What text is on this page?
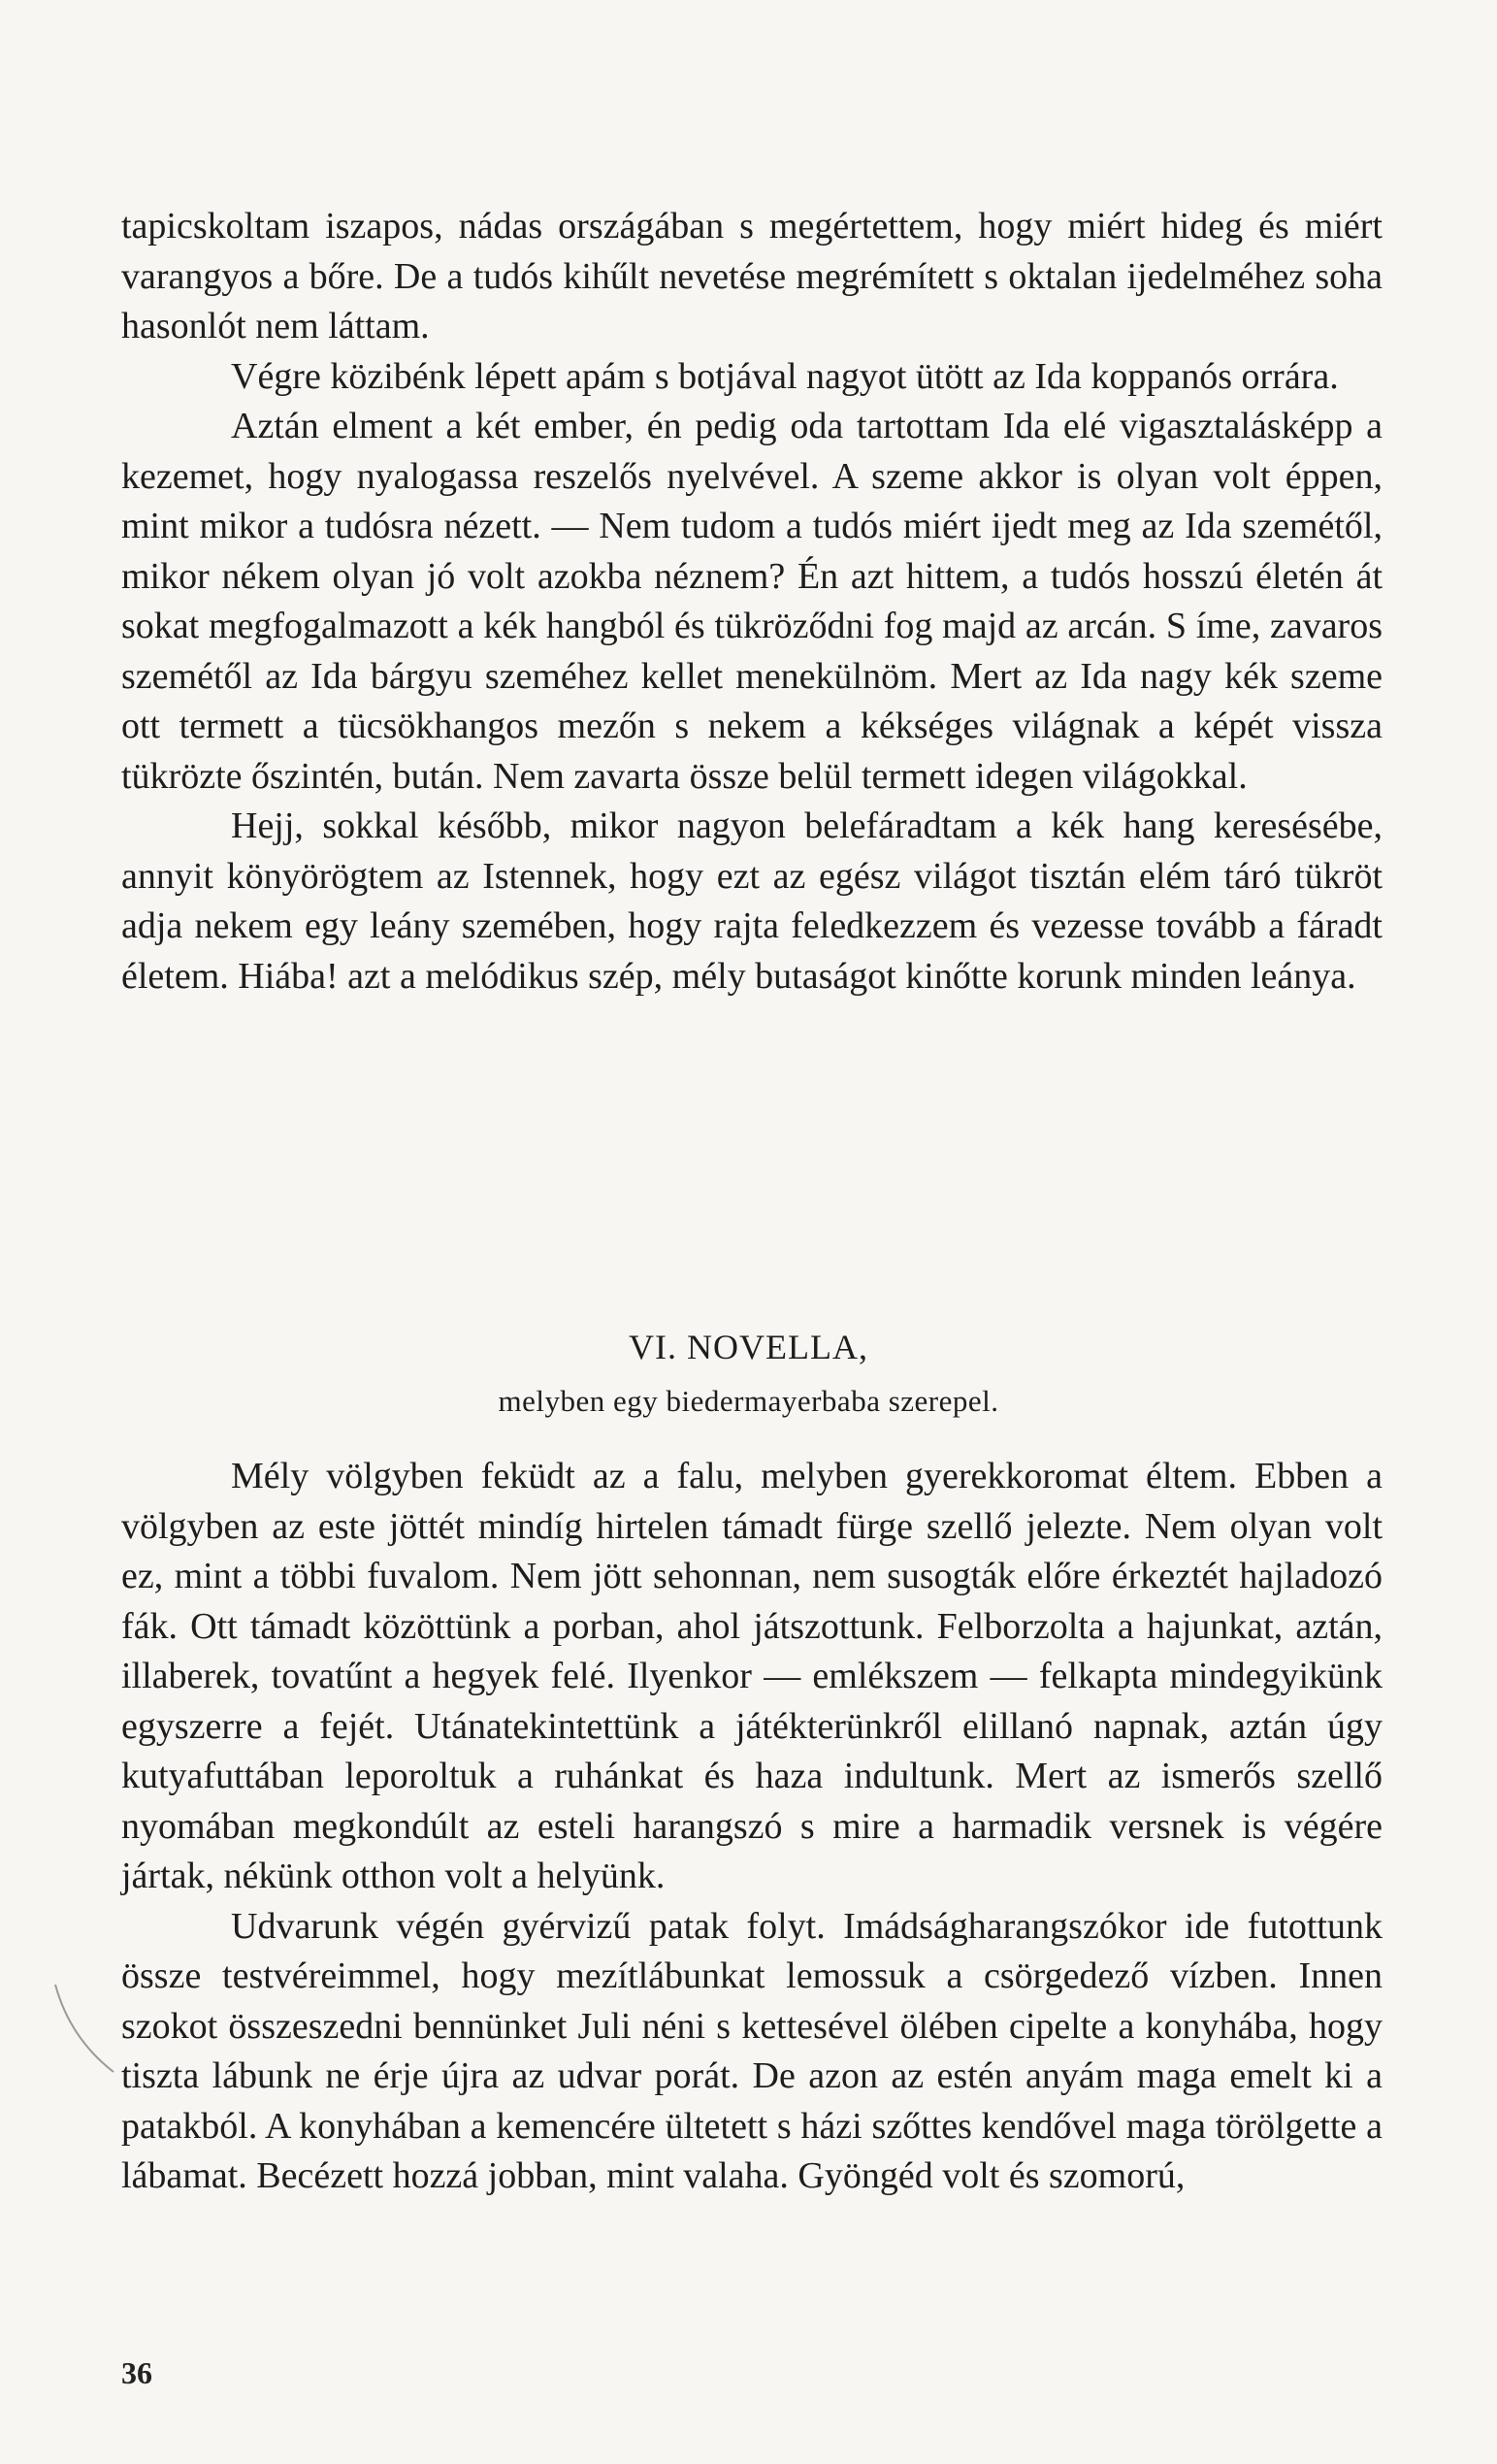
tapicskoltam iszapos, nádas országában s megértettem, hogy miért hideg és miért varangyos a bőre. De a tudós kihűlt nevetése megrémített s oktalan ijedelméhez soha hasonlót nem láttam.

Végre közibénk lépett apám s botjával nagyot ütött az Ida koppanós orrára.

Aztán elment a két ember, én pedig oda tartottam Ida elé vigasztalásképp a kezemet, hogy nyalogassa reszelős nyelvével. A szeme akkor is olyan volt éppen, mint mikor a tudósra nézett. — Nem tudom a tudós miért ijedt meg az Ida szemétől, mikor nékem olyan jó volt azokba néznem? Én azt hittem, a tudós hosszú életén át sokat megfogalmazott a kék hangból és tükröződni fog majd az arcán. S íme, zavaros szemétől az Ida bárgyu szeméhez kellet menekülnöm. Mert az Ida nagy kék szeme ott termett a tücsökhangos mezőn s nekem a kékséges világnak a képét vissza tükrözte őszintén, bután. Nem zavarta össze belül termett idegen világokkal.

Hejj, sokkal később, mikor nagyon belefáradtam a kék hang keresésébe, annyit könyörögtem az Istennek, hogy ezt az egész világot tisztán elém táró tükröt adja nekem egy leány szemében, hogy rajta feledkezzem és vezesse tovább a fáradt életem. Hiába! azt a melódikus szép, mély butaságot kinőtte korunk minden leánya.

VI. NOVELLA,
melyben egy biedermayerbaba szerepel.

Mély völgyben feküdt az a falu, melyben gyerekkoromat éltem. Ebben a völgyben az este jöttét mindíg hirtelen támadt fürge szellő jelezte. Nem olyan volt ez, mint a többi fuvalom. Nem jött sehonnan, nem susogták előre érkeztét hajladozó fák. Ott támadt közöttünk a porban, ahol játszottunk. Felborzolta a hajunkat, aztán, illaberek, tovatűnt a hegyek felé. Ilyenkor — emlékszem — felkapta mindegyikünk egyszerre a fejét. Utánatekintettünk a játékterünkről elillanó napnak, aztán úgy kutyafuttában leporoltuk a ruhánkat és haza indultunk. Mert az ismerős szellő nyomában megkondúlt az esteli harangszó s mire a harmadik versnek is végére jártak, nékünk otthon volt a helyünk.

Udvarunk végén gyérvizű patak folyt. Imádságharangszókor ide futottunk össze testvéreimmel, hogy mezítlábunkat lemossuk a csörgedező vízben. Innen szokot összeszedni bennünket Juli néni s kettesével ölében cipelte a konyhába, hogy tiszta lábunk ne érje újra az udvar porát. De azon az estén anyám maga emelt ki a patakból. A konyhában a kemencére ültetett s házi szőttes kendővel maga törölgette a lábamat. Becézett hozzá jobban, mint valaha. Gyöngéd volt és szomorú,

36
